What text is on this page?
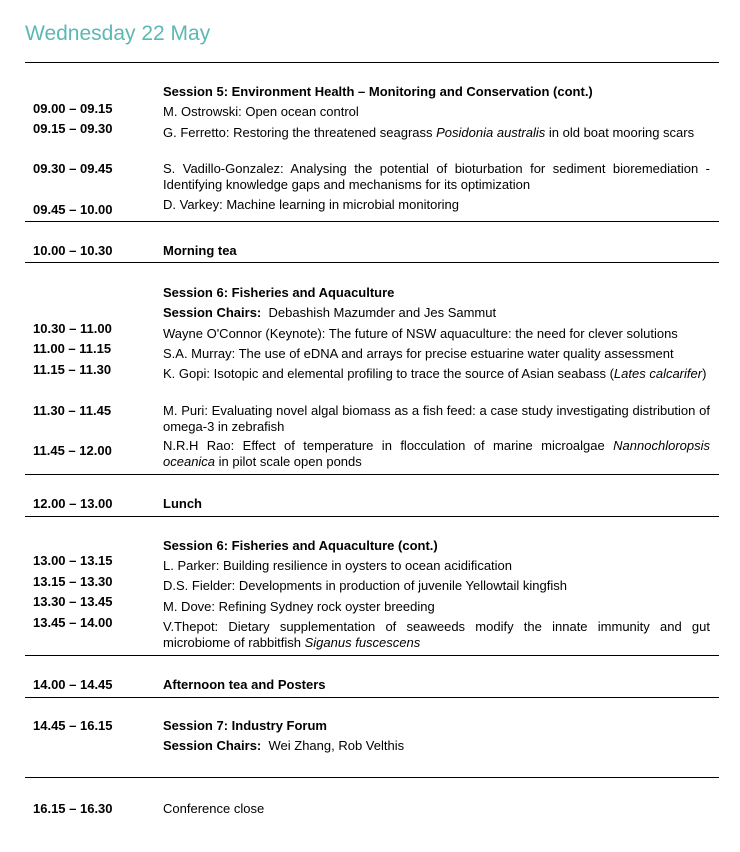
Wednesday 22 May
Session 5: Environment Health – Monitoring and Conservation (cont.)
09.00 – 09.15	M. Ostrowski: Open ocean control
09.15 – 09.30	G. Ferretto: Restoring the threatened seagrass Posidonia australis in old boat mooring scars
09.30 – 09.45	S. Vadillo-Gonzalez: Analysing the potential of bioturbation for sediment bioremediation - Identifying knowledge gaps and mechanisms for its optimization
09.45 – 10.00	D. Varkey: Machine learning in microbial monitoring
10.00 – 10.30	Morning tea
Session 6: Fisheries and Aquaculture
Session Chairs: Debashish Mazumder and Jes Sammut
10.30 – 11.00	Wayne O'Connor (Keynote): The future of NSW aquaculture: the need for clever solutions
11.00 – 11.15	S.A. Murray: The use of eDNA and arrays for precise estuarine water quality assessment
11.15 – 11.30	K. Gopi: Isotopic and elemental profiling to trace the source of Asian seabass (Lates calcarifer)
11.30 – 11.45	M. Puri: Evaluating novel algal biomass as a fish feed: a case study investigating distribution of omega-3 in zebrafish
11.45 – 12.00	N.R.H Rao: Effect of temperature in flocculation of marine microalgae Nannochloropsis oceanica in pilot scale open ponds
12.00 – 13.00	Lunch
Session 6: Fisheries and Aquaculture (cont.)
13.00 – 13.15	L. Parker: Building resilience in oysters to ocean acidification
13.15 – 13.30	D.S. Fielder: Developments in production of juvenile Yellowtail kingfish
13.30 – 13.45	M. Dove: Refining Sydney rock oyster breeding
13.45 – 14.00	V.Thepot: Dietary supplementation of seaweeds modify the innate immunity and gut microbiome of rabbitfish Siganus fuscescens
14.00 – 14.45	Afternoon tea and Posters
14.45 – 16.15	Session 7: Industry Forum
Session Chairs: Wei Zhang, Rob Velthis
16.15 – 16.30	Conference close
